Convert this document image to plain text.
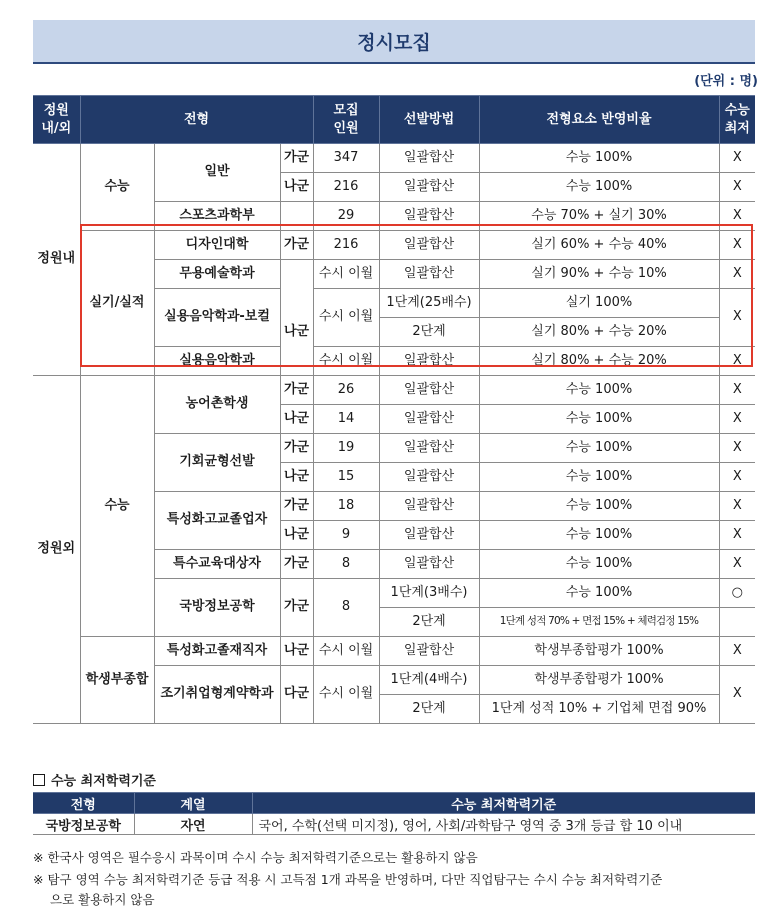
정시모집
(단위 : 명)
정원
내/외	전형			모집
인원	선발방법	전형요소 반영비율	수능
최저
정원내	수능	일반	가군	347	일괄합산	수능 100%	X
			나군	216	일괄합산	수능 100%	X
		스포츠과학부		29	일괄합산	수능 70% + 실기 30%	X
	실기/실적	디자인대학	가군	216	일괄합산	실기 60% + 수능 40%	X
		무용예술학과	나군	수시 이월	일괄합산	실기 90% + 수능 10%	X
		실용음악학과-보컬		수시 이월	1단계(25배수)	실기 100%	X
					2단계	실기 80% + 수능 20%	
		실용음악학과		수시 이월	일괄합산	실기 80% + 수능 20%	X
정원외	수능	농어촌학생	가군	26	일괄합산	수능 100%	X
			나군	14	일괄합산	수능 100%	X
		기회균형선발	가군	19	일괄합산	수능 100%	X
			나군	15	일괄합산	수능 100%	X
		특성화고교졸업자	가군	18	일괄합산	수능 100%	X
			나군	9	일괄합산	수능 100%	X
		특수교육대상자	가군	8	일괄합산	수능 100%	X
		국방정보공학	가군	8	1단계(3배수)	수능 100%	○
					2단계	1단계 성적 70% + 면접 15% + 체력검정 15%	
	학생부종합	특성화고졸재직자	나군	수시 이월	일괄합산	학생부종합평가 100%	X
		조기취업형계약학과	다군	수시 이월	1단계(4배수)	학생부종합평가 100%	X
					2단계	1단계 성적 10% + 기업체 면접 90%	

수능 최저학력기준
전형	계열	수능 최저학력기준
국방정보공학	자연	국어, 수학(선택 미지정), 영어, 사회/과학탐구 영역 중 3개 등급 합 10 이내
※ 한국사 영역은 필수응시 과목이며 수시 수능 최저학력기준으로는 활용하지 않음
※ 탐구 영역 수능 최저학력기준 등급 적용 시 고득점 1개 과목을 반영하며, 다만 직업탐구는 수시 수능 최저학력기준
으로 활용하지 않음
